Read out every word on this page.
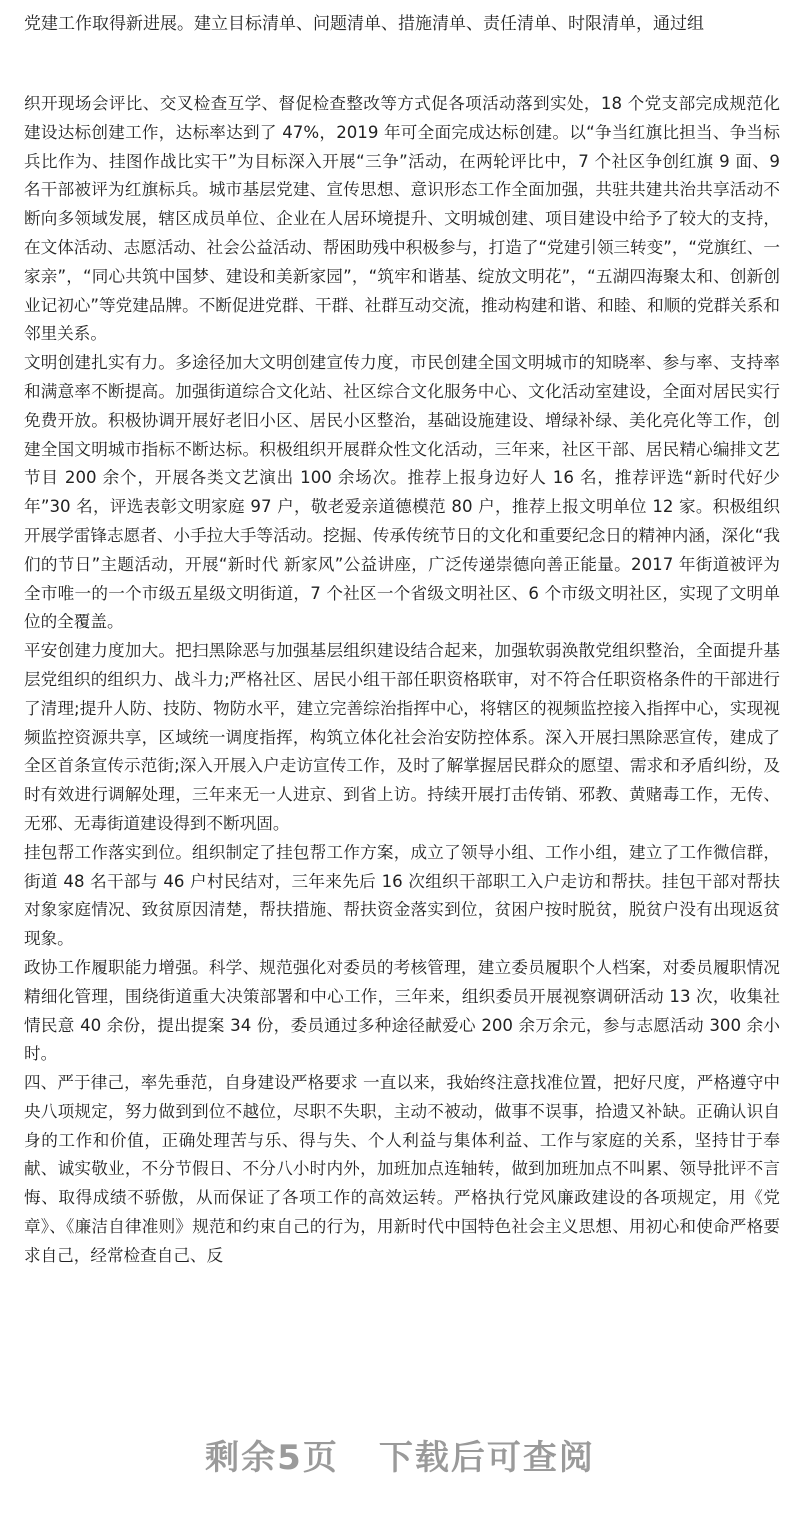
党建工作取得新进展。建立目标清单、问题清单、措施清单、责任清单、时限清单，通过组

织开现场会评比、交叉检查互学、督促检查整改等方式促各项活动落到实处，18 个党支部完成规范化建设达标创建工作，达标率达到了 47%，2019 年可全面完成达标创建。以“争当红旗比担当、争当标兵比作为、挂图作战比实干”为目标深入开展“三争”活动，在两轮评比中，7 个社区争创红旗 9 面、9 名干部被评为红旗标兵。城市基层党建、宣传思想、意识形态工作全面加强，共驻共建共治共享活动不断向多领域发展，辖区成员单位、企业在人居环境提升、文明城创建、项目建设中给予了较大的支持，在文体活动、志愿活动、社会公益活动、帮困助残中积极参与，打造了“党建引领三转变”，“党旗红、一家亲”，“同心共筑中国梦、建设和美新家园”，“筑牢和谐基、绽放文明花”，“五湖四海聚太和、创新创业记初心”等党建品牌。不断促进党群、干群、社群互动交流，推动构建和谐、和睦、和顺的党群关系和邻里关系。

文明创建扎实有力。多途径加大文明创建宣传力度，市民创建全国文明城市的知晓率、参与率、支持率和满意率不断提高。加强街道综合文化站、社区综合文化服务中心、文化活动室建设，全面对居民实行免费开放。积极协调开展好老旧小区、居民小区整治，基础设施建设、增绿补绿、美化亮化等工作，创建全国文明城市指标不断达标。积极组织开展群众性文化活动，三年来，社区干部、居民精心编排文艺节目 200 余个，开展各类文艺演出 100 余场次。推荐上报身边好人 16 名，推荐评选“新时代好少年”30 名，评选表彰文明家庭 97 户，敬老爱亲道德模范 80 户，推荐上报文明单位 12 家。积极组织开展学雷锋志愿者、小手拉大手等活动。挖掘、传承传统节日的文化和重要纪念日的精神内涵，深化“我们的节日”主题活动，开展“新时代 新家风”公益讲座，广泛传递崇德向善正能量。2017 年街道被评为全市唯一的一个市级五星级文明街道，7 个社区一个省级文明社区、6 个市级文明社区，实现了文明单位的全覆盖。

平安创建力度加大。把扫黑除恶与加强基层组织建设结合起来，加强软弱涣散党组织整治，全面提升基层党组织的组织力、战斗力;严格社区、居民小组干部任职资格联审，对不符合任职资格条件的干部进行了清理;提升人防、技防、物防水平，建立完善综治指挥中心，将辖区的视频监控接入指挥中心，实现视频监控资源共享，区域统一调度指挥，构筑立体化社会治安防控体系。深入开展扫黑除恶宣传，建成了全区首条宣传示范街;深入开展入户走访宣传工作，及时了解掌握居民群众的愿望、需求和矛盾纠纷，及时有效进行调解处理，三年来无一人进京、到省上访。持续开展打击传销、邪教、黄赌毒工作，无传、无邪、无毒街道建设得到不断巩固。

挂包帮工作落实到位。组织制定了挂包帮工作方案，成立了领导小组、工作小组，建立了工作微信群，街道 48 名干部与 46 户村民结对，三年来先后 16 次组织干部职工入户走访和帮扶。挂包干部对帮扶对象家庭情况、致贫原因清楚，帮扶措施、帮扶资金落实到位，贫困户按时脱贫，脱贫户没有出现返贫现象。

政协工作履职能力增强。科学、规范强化对委员的考核管理，建立委员履职个人档案，对委员履职情况精细化管理，围绕街道重大决策部署和中心工作，三年来，组织委员开展视察调研活动 13 次，收集社情民意 40 余份，提出提案 34 份，委员通过多种途径献爱心 200 余万余元，参与志愿活动 300 余小时。

四、严于律己，率先垂范，自身建设严格要求 一直以来，我始终注意找准位置，把好尺度，严格遵守中央八项规定，努力做到到位不越位，尽职不失职，主动不被动，做事不误事，拾遗又补缺。正确认识自身的工作和价值，正确处理苦与乐、得与失、个人利益与集体利益、工作与家庭的关系，坚持甘于奉献、诚实敬业，不分节假日、不分八小时内外，加班加点连轴转，做到加班加点不叫累、领导批评不言悔、取得成绩不骄傲，从而保证了各项工作的高效运转。严格执行党风廉政建设的各项规定，用《党章》、《廉洁自律准则》规范和约束自己的行为，用新时代中国特色社会主义思想、用初心和使命严格要求自己，经常检查自己、反

剩余5页 下载后可查阅
